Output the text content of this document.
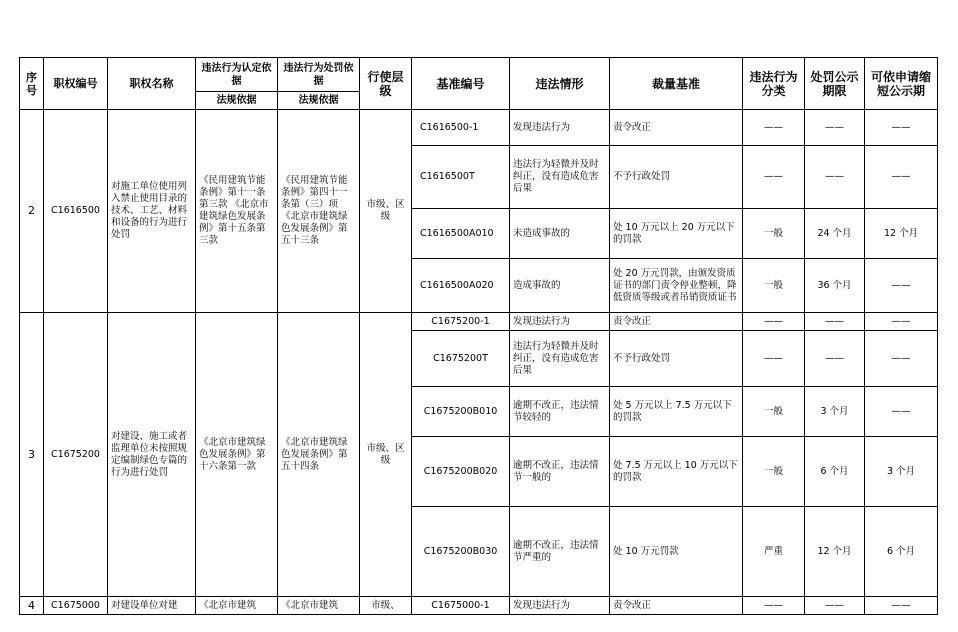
序号	职权编号	职权名称	违法行为认定依据	违法行为处罚依据	行使层级	基准编号	违法情形	裁量基准	违法行为分类	处罚公示期限	可依申请缩短公示期
			法规依据	法规依据							
2	C1616500	对施工单位使用列入禁止使用目录的技术、工艺、材料和设备的行为进行处罚	《民用建筑节能条例》第十一条第三款 《北京市建筑绿色发展条例》第十五条第三款	《民用建筑节能条例》第四十一条第（三）项 《北京市建筑绿色发展条例》第五十三条	市级、区级	C1616500-1	发现违法行为	责令改正	——	——	——
						C1616500T	违法行为轻微并及时纠正，没有造成危害后果	不予行政处罚	——	——	——
						C1616500A010	未造成事故的	处 10 万元以上 20 万元以下的罚款	一般	24 个月	12 个月
						C1616500A020	造成事故的	处 20 万元罚款，由颁发资质证书的部门责令停业整顿，降低资质等级或者吊销资质证书	一般	36 个月	——
3	C1675200	对建设、施工或者监理单位未按照规定编制绿色专篇的行为进行处罚	《北京市建筑绿色发展条例》第十六条第一款	《北京市建筑绿色发展条例》第五十四条	市级、区级	C1675200-1	发现违法行为	责令改正	——	——	——
						C1675200T	违法行为轻微并及时纠正，没有造成危害后果	不予行政处罚	——	——	——
						C1675200B010	逾期不改正，违法情节较轻的	处 5 万元以上 7.5 万元以下的罚款	一般	3 个月	——
						C1675200B020	逾期不改正，违法情节一般的	处 7.5 万元以上 10 万元以下的罚款	一般	6 个月	3 个月
						C1675200B030	逾期不改正，违法情节严重的	处 10 万元罚款	严重	12 个月	6 个月
4	C1675000	对建设单位对建	《北京市建筑	《北京市建筑	市级、	C1675000-1	发现违法行为	责令改正	——	——	——
